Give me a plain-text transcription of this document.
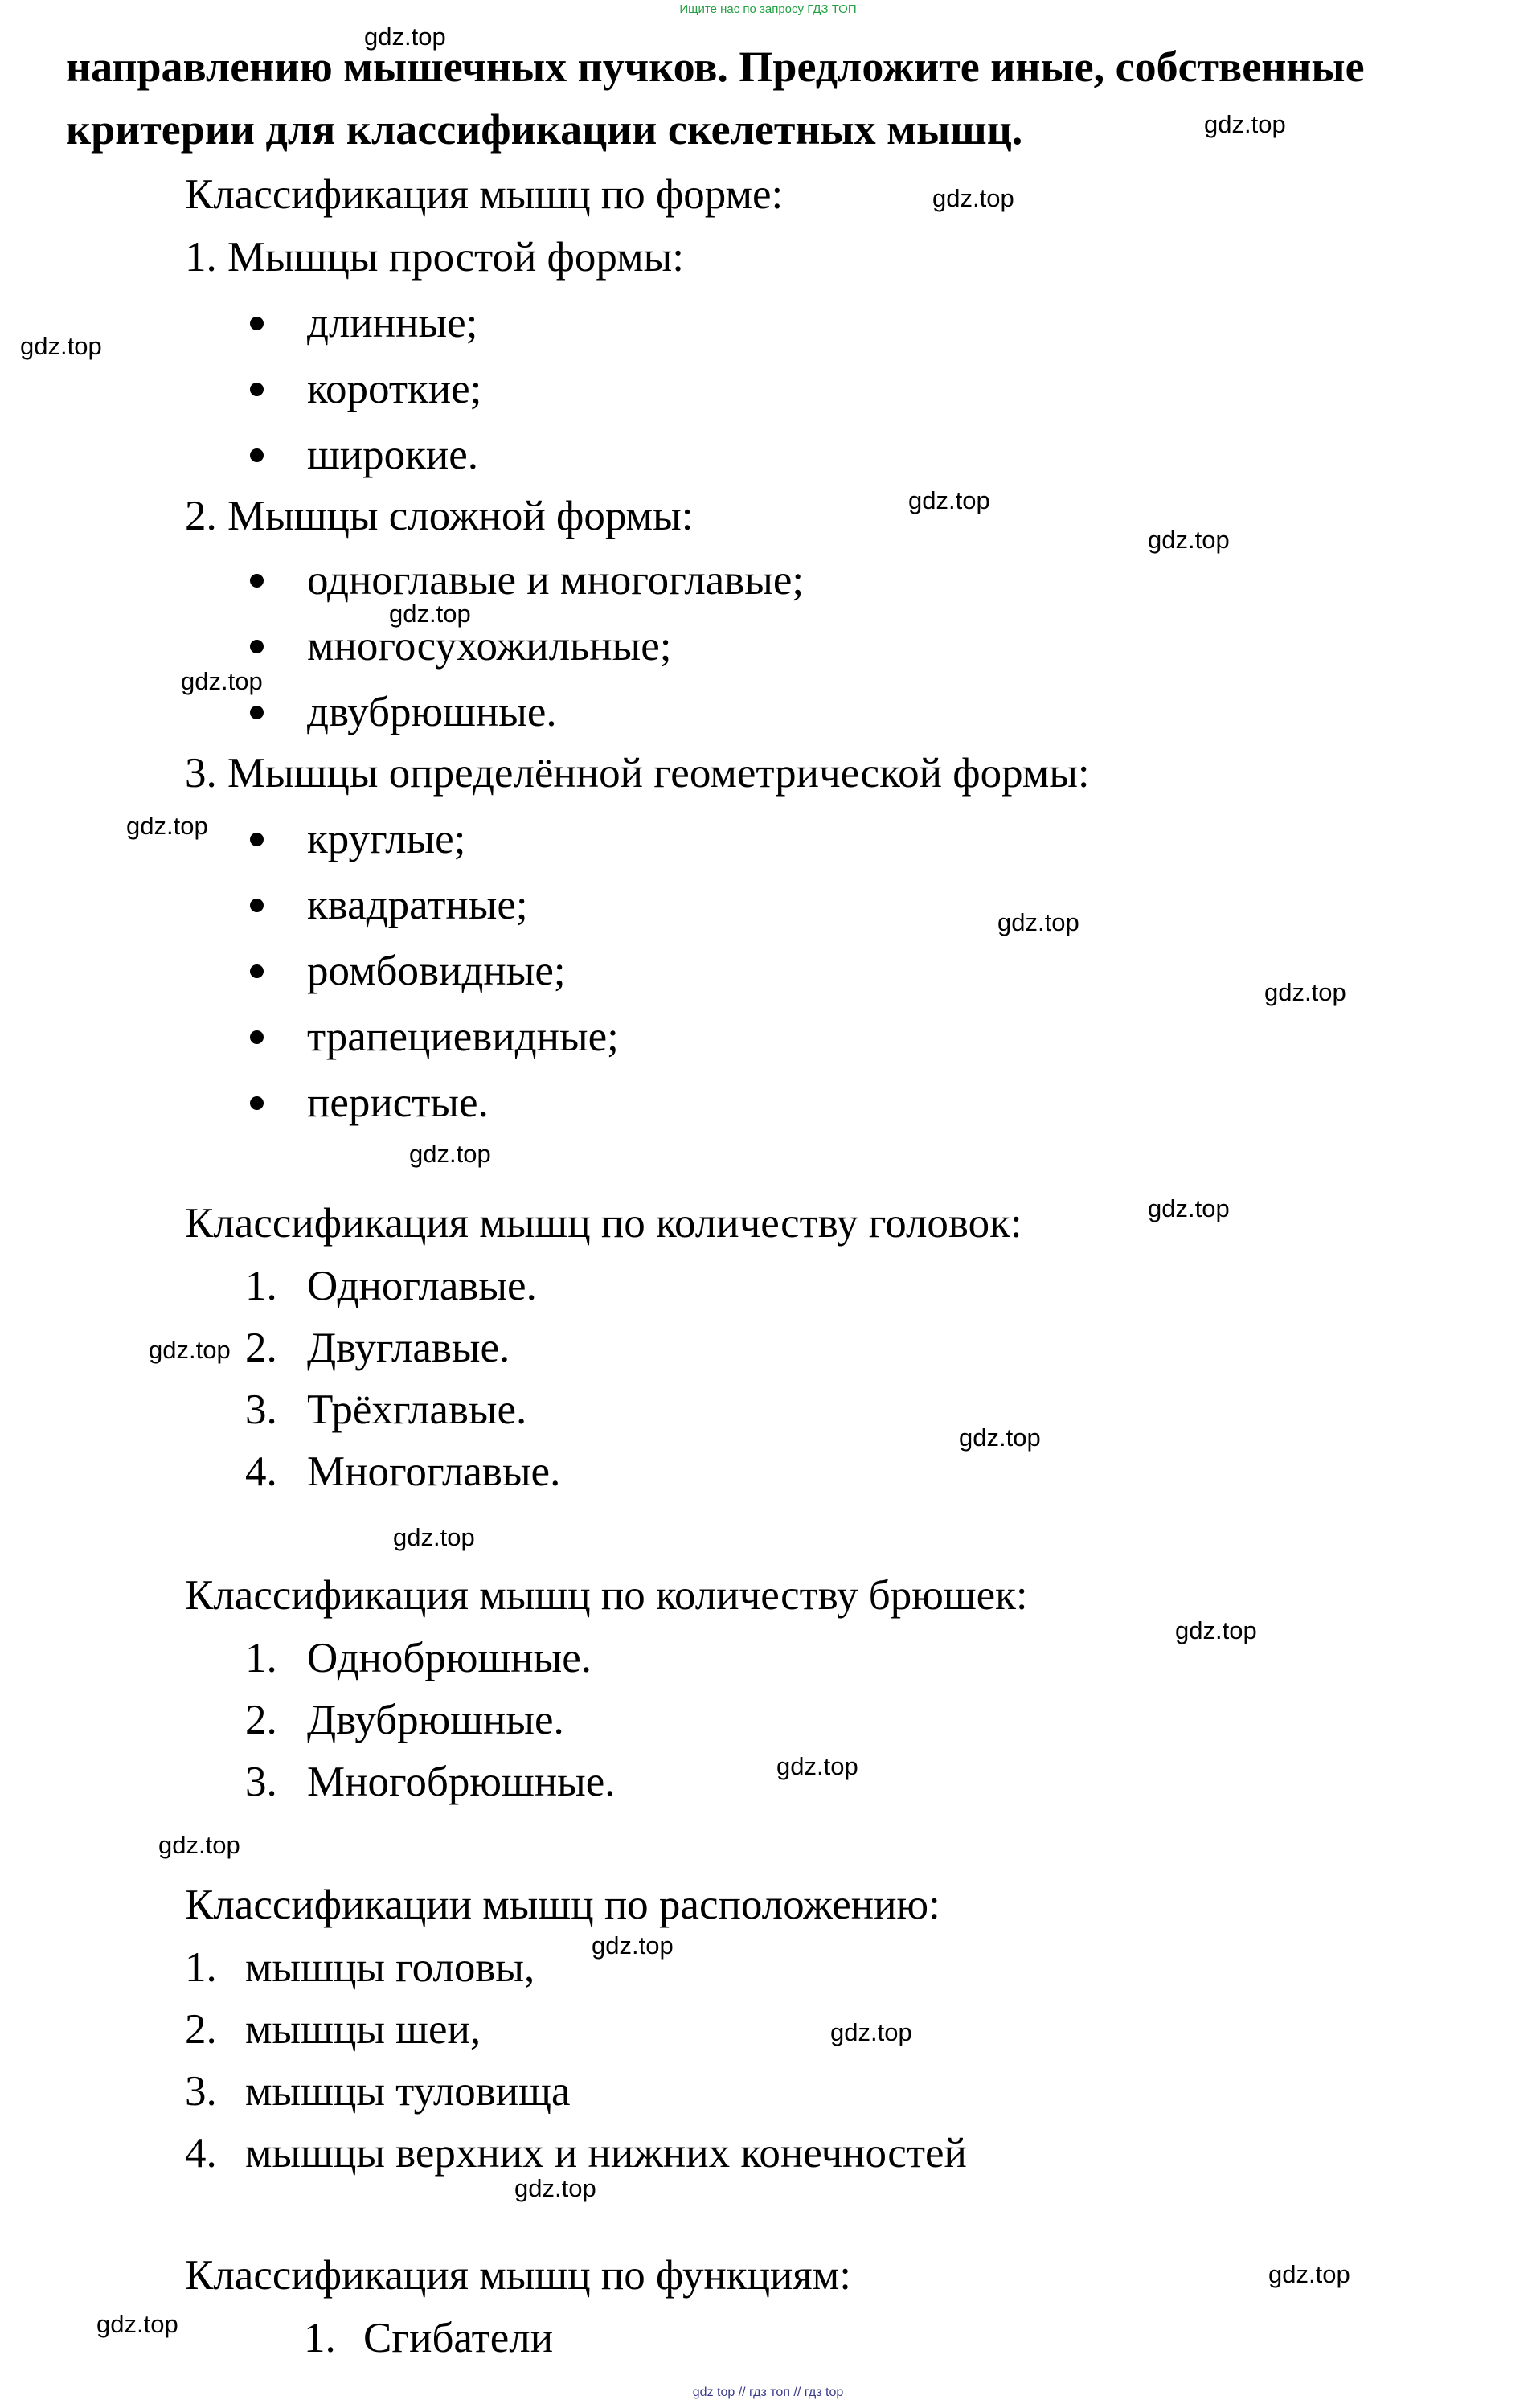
Ищите нас по запросу ГДЗ ТОП
направлению мышечных пучков. Предложите иные, собственные
критерии для классификации скелетных мышц.
Классификация мышц по форме:
1. Мышцы простой формы:
длинные;
короткие;
широкие.
2. Мышцы сложной формы:
одноглавые и многоглавые;
многосухожильные;
двубрюшные.
3. Мышцы определённой геометрической формы:
круглые;
квадратные;
ромбовидные;
трапециевидные;
перистые.
Классификация мышц по количеству головок:
1. Одноглавые.
2. Двуглавые.
3. Трёхглавые.
4. Многоглавые.
Классификация мышц по количеству брюшек:
1. Однобрюшные.
2. Двубрюшные.
3. Многобрюшные.
Классификации мышц по расположению:
1. мышцы головы,
2. мышцы шеи,
3. мышцы туловища
4. мышцы верхних и нижних конечностей
Классификация мышц по функциям:
1. Сгибатели
gdz.top
gdz.top
gdz.top
gdz.top
gdz.top
gdz.top
gdz.top
gdz.top
gdz.top
gdz.top
gdz.top
gdz.top
gdz.top
gdz.top
gdz.top
gdz.top
gdz.top
gdz.top
gdz.top
gdz.top
gdz.top
gdz.top
gdz.top
gdz.top
gdz top // гдз топ // гдз top
